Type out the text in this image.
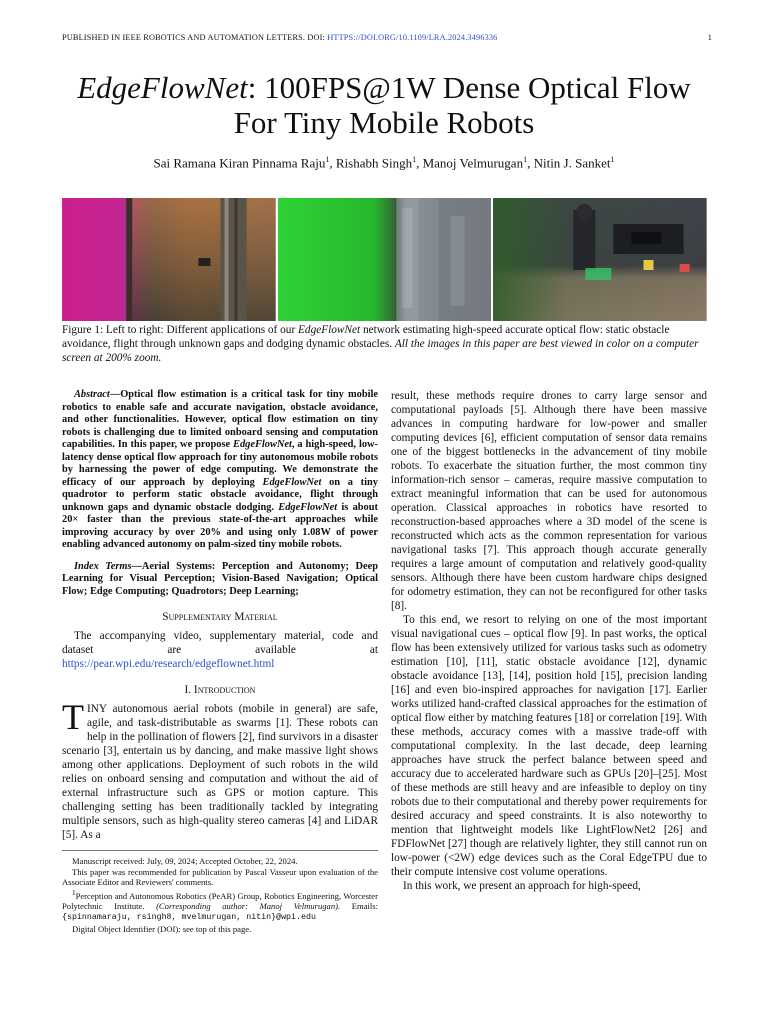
PUBLISHED IN IEEE ROBOTICS AND AUTOMATION LETTERS. DOI: HTTPS://DOI.ORG/10.1109/LRA.2024.3496336	1
EdgeFlowNet: 100FPS@1W Dense Optical Flow
For Tiny Mobile Robots
Sai Ramana Kiran Pinnama Raju$^1$, Rishabh Singh$^1$, Manoj Velmurugan$^1$, Nitin J. Sanket$^1$
Figure 1: Left to right: Different applications of our EdgeFlowNet network estimating high-speed accurate optical flow: static obstacle avoidance, flight through unknown gaps and dodging dynamic obstacles. All the images in this paper are best viewed in color on a computer screen at 200% zoom.
Abstract—Optical flow estimation is a critical task for tiny mobile robotics to enable safe and accurate navigation, obstacle avoidance, and other functionalities. However, optical flow estimation on tiny robots is challenging due to limited onboard sensing and computation capabilities. In this paper, we propose EdgeFlowNet, a high-speed, low-latency dense optical flow approach for tiny autonomous mobile robots by harnessing the power of edge computing. We demonstrate the efficacy of our approach by deploying EdgeFlowNet on a tiny quadrotor to perform static obstacle avoidance, flight through unknown gaps and dynamic obstacle dodging. EdgeFlowNet is about 20× faster than the previous state-of-the-art approaches while improving accuracy by over 20% and using only 1.08W of power enabling advanced autonomy on palm-sized tiny mobile robots.
Index Terms—Aerial Systems: Perception and Autonomy; Deep Learning for Visual Perception; Vision-Based Navigation; Optical Flow; Edge Computing; Quadrotors; Deep Learning;
Supplementary Material

The accompanying video, supplementary material, code and dataset are available at https://pear.wpi.edu/research/edgeflownet.html

I. Introduction

TINY autonomous aerial robots (mobile in general) are safe, agile, and task-distributable as swarms [1]. These robots can help in the pollination of flowers [2], find survivors in a disaster scenario [3], entertain us by dancing, and make massive light shows among other applications. Deployment of such robots in the wild relies on onboard sensing and computation and without the aid of external infrastructure such as GPS or motion capture. This challenging setting has been traditionally tackled by integrating multiple sensors, such as high-quality stereo cameras [4] and LiDAR [5]. As a

Manuscript received: July, 09, 2024; Accepted October, 22, 2024.

This paper was recommended for publication by Pascal Vasseur upon evaluation of the Associate Editor and Reviewers' comments.

$^1$Perception and Autonomous Robotics (PeAR) Group, Robotics Engineering, Worcester Polytechnic Institute. (Corresponding author: Manoj Velmurugan). Emails: {spinnamaraju, rsingh8, mvelmurugan, nitin}@wpi.edu

Digital Object Identifier (DOI): see top of this page.

result, these methods require drones to carry large sensor and computational payloads [5]. Although there have been massive advances in computing hardware for low-power and smaller computing devices [6], efficient computation of sensor data remains one of the biggest bottlenecks in the advancement of tiny mobile robots. To exacerbate the situation further, the most common tiny information-rich sensor – cameras, require massive computation to extract meaningful information that can be used for autonomous operation. Classical approaches in robotics have resorted to reconstruction-based approaches where a 3D model of the scene is reconstructed which acts as the common representation for various navigational tasks [7]. This approach though accurate generally requires a large amount of computation and relatively good-quality sensors. Although there have been custom hardware chips designed for odometry estimation, they can not be reconfigured for other tasks [8].

To this end, we resort to relying on one of the most important visual navigational cues – optical flow [9]. In past works, the optical flow has been extensively utilized for various tasks such as odometry estimation [10], [11], static obstacle avoidance [12], dynamic obstacle avoidance [13], [14], position hold [15], precision landing [16] and even bio-inspired approaches for navigation [17]. Earlier works utilized hand-crafted classical approaches for the estimation of optical flow either by matching features [18] or correlation [19]. With these methods, accuracy comes with a massive trade-off with computational complexity. In the last decade, deep learning approaches have struck the perfect balance between speed and accuracy due to accelerated hardware such as GPUs [20]–[25]. Most of these methods are still heavy and are infeasible to deploy on tiny robots due to their computational and thereby power requirements for desired accuracy and speed constraints. It is also noteworthy to mention that lightweight models like LightFlowNet2 [26] and FDFlowNet [27] though are relatively lighter, they still cannot run on low-power (<2W) edge devices such as the Coral EdgeTPU due to their compute intensive cost volume operations.

In this work, we present an approach for high-speed,
